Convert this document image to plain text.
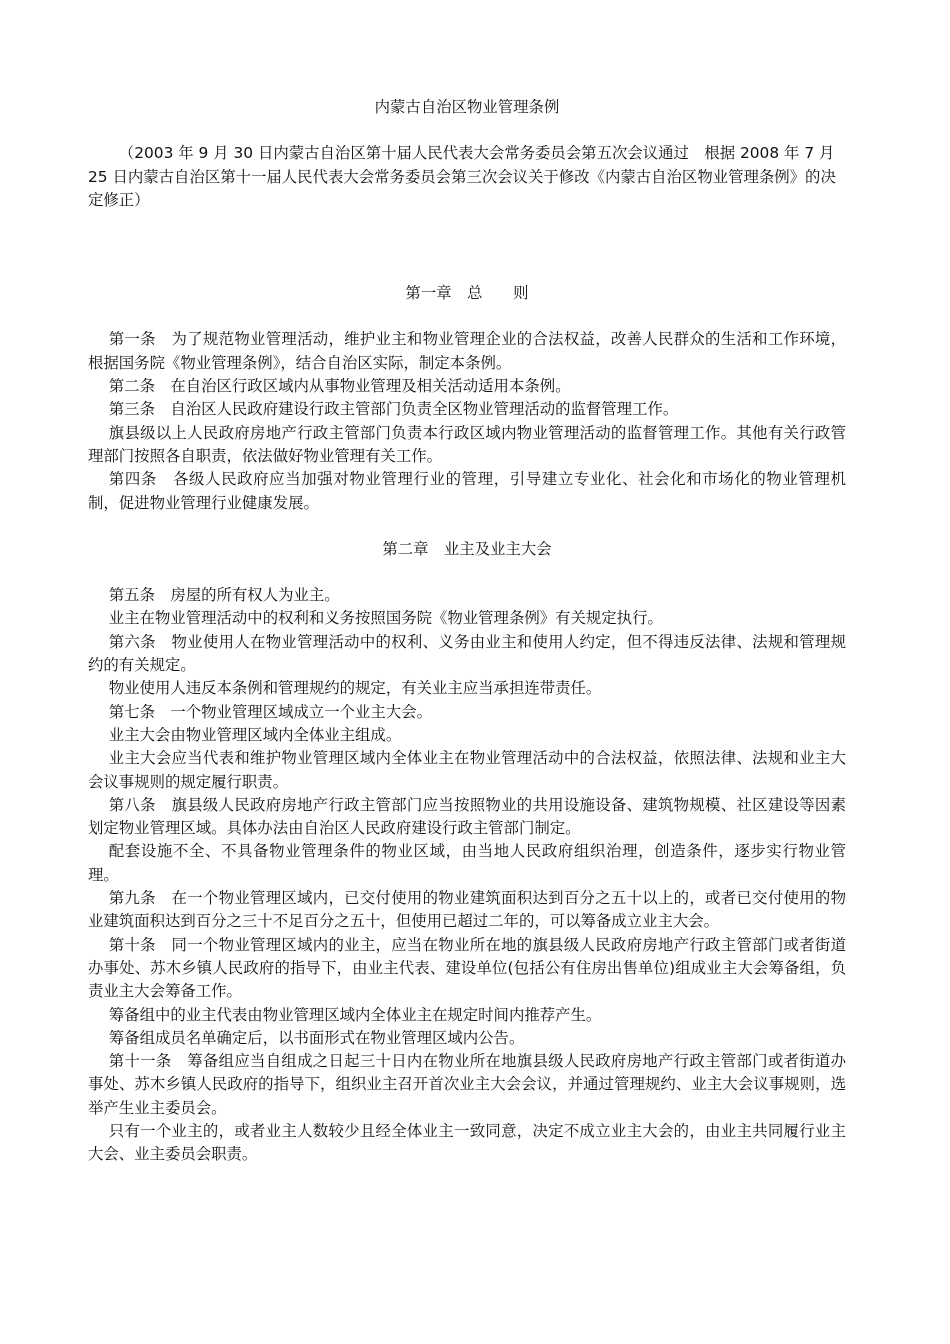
内蒙古自治区物业管理条例

（2003 年 9 月 30 日内蒙古自治区第十届人民代表大会常务委员会第五次会议通过　根据 2008 年 7 月 25 日内蒙古自治区第十一届人民代表大会常务委员会第三次会议关于修改《内蒙古自治区物业管理条例》的决定修正）

第一章　总　　则

第一条　为了规范物业管理活动，维护业主和物业管理企业的合法权益，改善人民群众的生活和工作环境，根据国务院《物业管理条例》，结合自治区实际，制定本条例。

第二条　在自治区行政区域内从事物业管理及相关活动适用本条例。

第三条　自治区人民政府建设行政主管部门负责全区物业管理活动的监督管理工作。

旗县级以上人民政府房地产行政主管部门负责本行政区域内物业管理活动的监督管理工作。其他有关行政管理部门按照各自职责，依法做好物业管理有关工作。

第四条　各级人民政府应当加强对物业管理行业的管理，引导建立专业化、社会化和市场化的物业管理机制，促进物业管理行业健康发展。

第二章　业主及业主大会

第五条　房屋的所有权人为业主。

业主在物业管理活动中的权利和义务按照国务院《物业管理条例》有关规定执行。

第六条　物业使用人在物业管理活动中的权利、义务由业主和使用人约定，但不得违反法律、法规和管理规约的有关规定。

物业使用人违反本条例和管理规约的规定，有关业主应当承担连带责任。

第七条　一个物业管理区域成立一个业主大会。

业主大会由物业管理区域内全体业主组成。

业主大会应当代表和维护物业管理区域内全体业主在物业管理活动中的合法权益，依照法律、法规和业主大会议事规则的规定履行职责。

第八条　旗县级人民政府房地产行政主管部门应当按照物业的共用设施设备、建筑物规模、社区建设等因素划定物业管理区域。具体办法由自治区人民政府建设行政主管部门制定。

配套设施不全、不具备物业管理条件的物业区域，由当地人民政府组织治理，创造条件，逐步实行物业管理。

第九条　在一个物业管理区域内，已交付使用的物业建筑面积达到百分之五十以上的，或者已交付使用的物业建筑面积达到百分之三十不足百分之五十，但使用已超过二年的，可以筹备成立业主大会。

第十条　同一个物业管理区域内的业主，应当在物业所在地的旗县级人民政府房地产行政主管部门或者街道办事处、苏木乡镇人民政府的指导下，由业主代表、建设单位(包括公有住房出售单位)组成业主大会筹备组，负责业主大会筹备工作。

筹备组中的业主代表由物业管理区域内全体业主在规定时间内推荐产生。

筹备组成员名单确定后，以书面形式在物业管理区域内公告。

第十一条　筹备组应当自组成之日起三十日内在物业所在地旗县级人民政府房地产行政主管部门或者街道办事处、苏木乡镇人民政府的指导下，组织业主召开首次业主大会会议，并通过管理规约、业主大会议事规则，选举产生业主委员会。

只有一个业主的，或者业主人数较少且经全体业主一致同意，决定不成立业主大会的，由业主共同履行业主大会、业主委员会职责。
